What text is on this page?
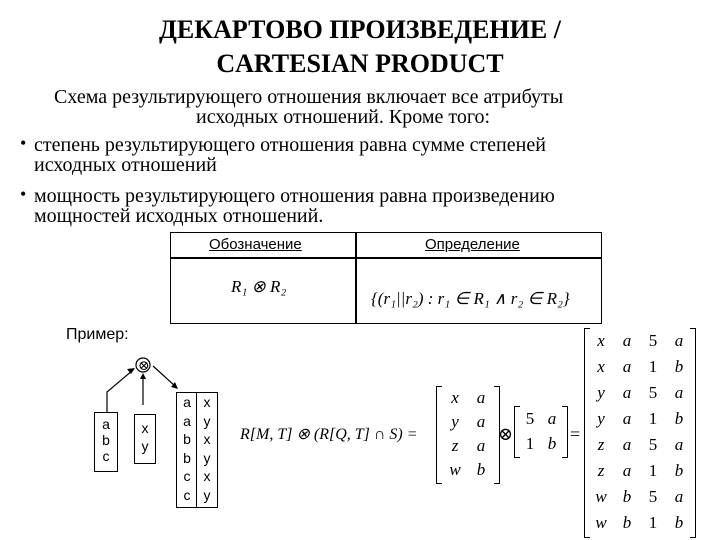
ДЕКАРТОВО ПРОИЗВЕДЕНИЕ /
CARTESIAN PRODUCT
Схема результирующего отношения включает все атрибуты
исходных отношений. Кроме того:
• степень результирующего отношения равна сумме степеней
исходных отношений
• мощность результирующего отношения равна произведению
мощностей исходных отношений.
Обозначение	Определение
R₁ ⊗ R₂
{(r₁||r₂) : r₁ ∈ R₁ ∧ r₂ ∈ R₂}
Пример:
⊗
a
b
c
x
y
a x
a y
b x
b y
c x
c y
R[M, T] ⊗ (R[Q, T] ∩ S) =
x	a
y	a
z	a
w b
⊗
5 a
1 b =
x	a	5	a
x	a	1	b
y	a	5	a
y	a	1	b
z	a	5	a
z	a	1	b
w b	5	a
w b	1	b
